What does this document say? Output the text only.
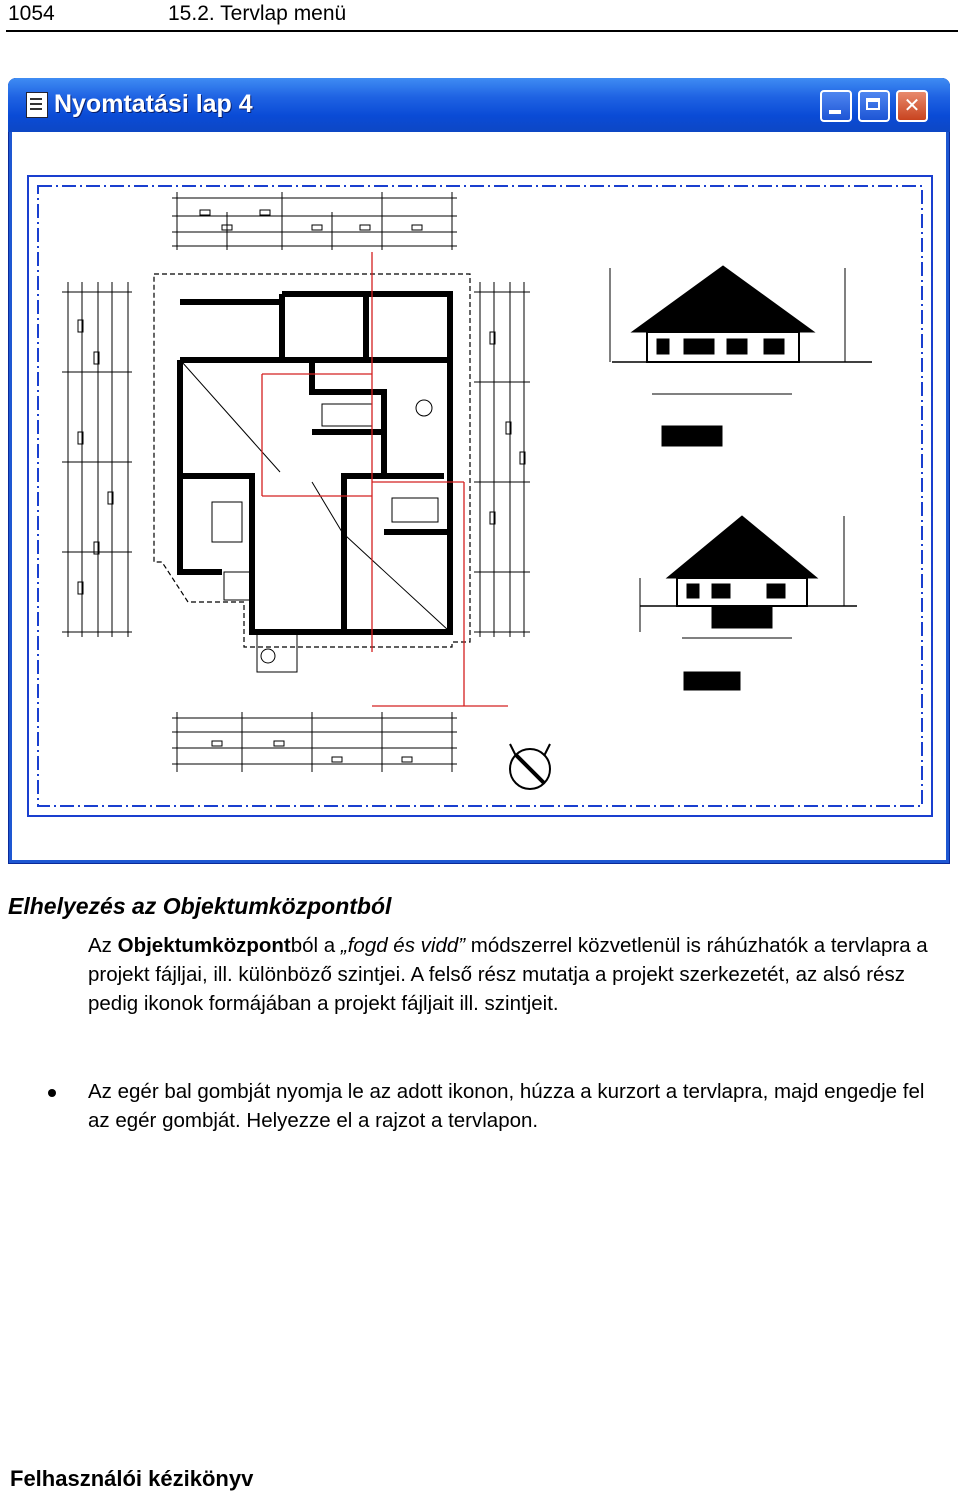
1054	15.2. Tervlap menü
Nyomtatási lap 4	✕
Elhelyezés az Objektumközpontból
Az Objektumközpontból a „fogd és vidd” módszerrel közvetlenül is ráhúzhatók a tervlapra a projekt fájljai, ill. különböző szintjei. A felső rész mutatja a projekt szerkezetét, az alsó rész pedig ikonok formájában a projekt fájljait ill. szintjeit.
Az egér bal gombját nyomja le az adott ikonon, húzza a kurzort a tervlapra, majd engedje fel az egér gombját. Helyezze el a rajzot a tervlapon.
Felhasználói kézikönyv
